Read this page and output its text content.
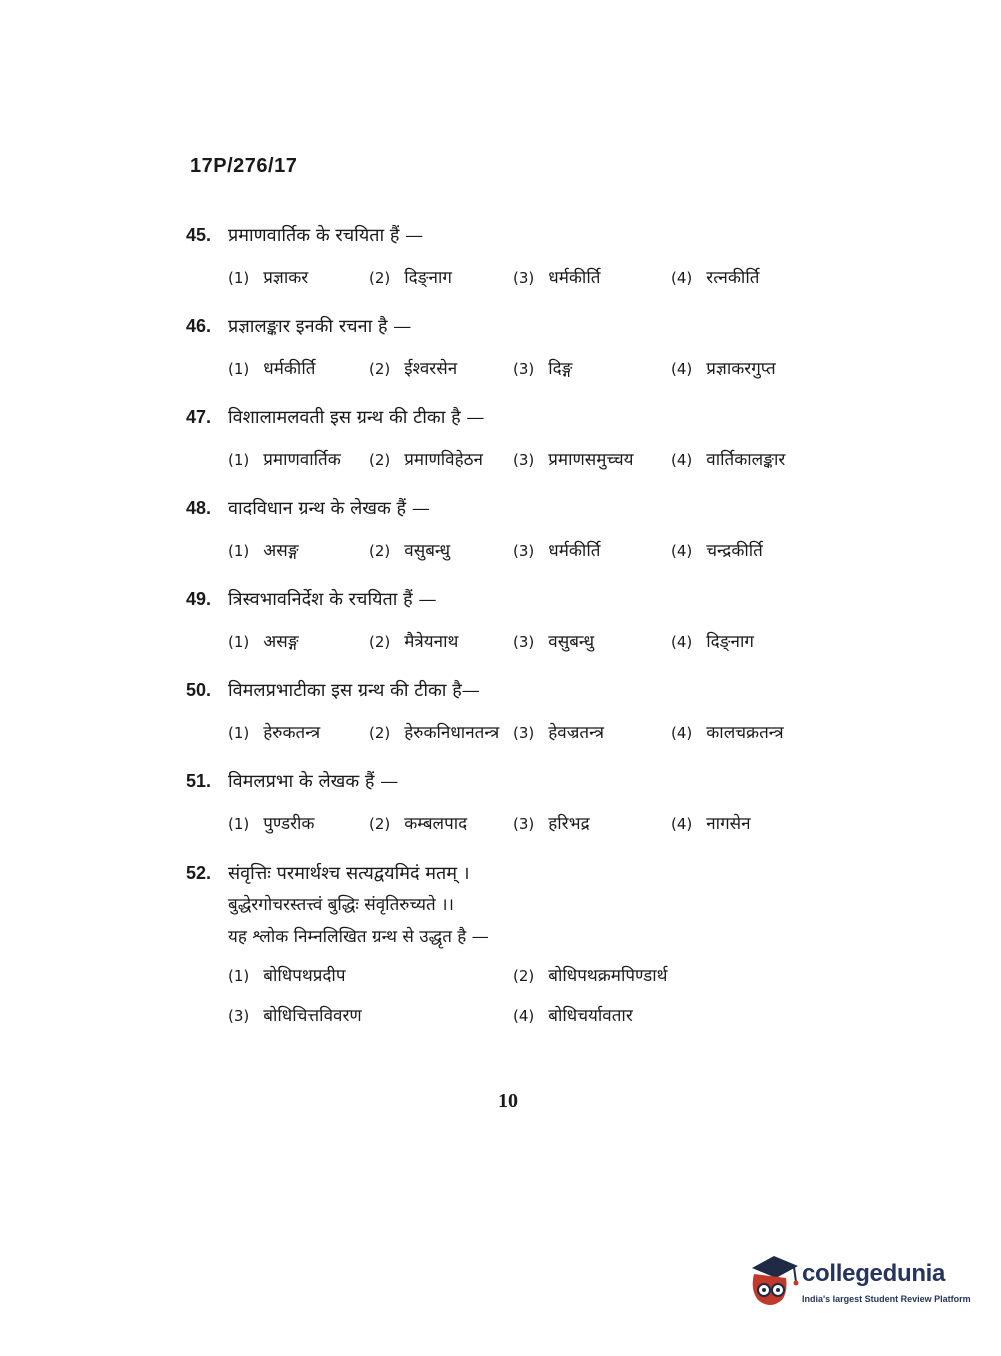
17P/276/17
45. प्रमाणवार्तिक के रचयिता हैं —
(1) प्रज्ञाकर	(2) दिङ्नाग	(3) धर्मकीर्ति	(4) रत्नकीर्ति
46. प्रज्ञालङ्कार इनकी रचना है —
(1) धर्मकीर्ति	(2) ईश्वरसेन	(3) दिङ्ग	(4) प्रज्ञाकरगुप्त
47. विशालामलवती इस ग्रन्थ की टीका है —
(1) प्रमाणवार्तिक (2) प्रमाणविहेठन (3) प्रमाणसमुच्चय (4) वार्तिकालङ्कार
48. वादविधान ग्रन्थ के लेखक हैं —
(1) असङ्ग	(2) वसुबन्धु	(3) धर्मकीर्ति	(4) चन्द्रकीर्ति
49. त्रिस्वभावनिर्देश के रचयिता हैं —
(1) असङ्ग	(2) मैत्रेयनाथ	(3) वसुबन्धु	(4) दिङ्नाग
50. विमलप्रभाटीका इस ग्रन्थ की टीका है—
(1) हेरुकतन्त्र	(2) हेरुकनिधानतन्त्र (3) हेवज्रतन्त्र	(4) कालचक्रतन्त्र
51. विमलप्रभा के लेखक हैं —
(1) पुण्डरीक	(2) कम्बलपाद	(3) हरिभद्र	(4) नागसेन
52. संवृत्तिः परमार्थश्च सत्यद्वयमिदं मतम् ।
बुद्धेरगोचरस्तत्त्वं बुद्धिः संवृतिरुच्यते ।।
यह श्लोक निम्नलिखित ग्रन्थ से उद्धृत है —
(1) बोधिपथप्रदीप	(2) बोधिपथक्रमपिण्डार्थ
(3) बोधिचित्तविवरण	(4) बोधिचर्यावतार
10
collegedunia
India's largest Student Review Platform
